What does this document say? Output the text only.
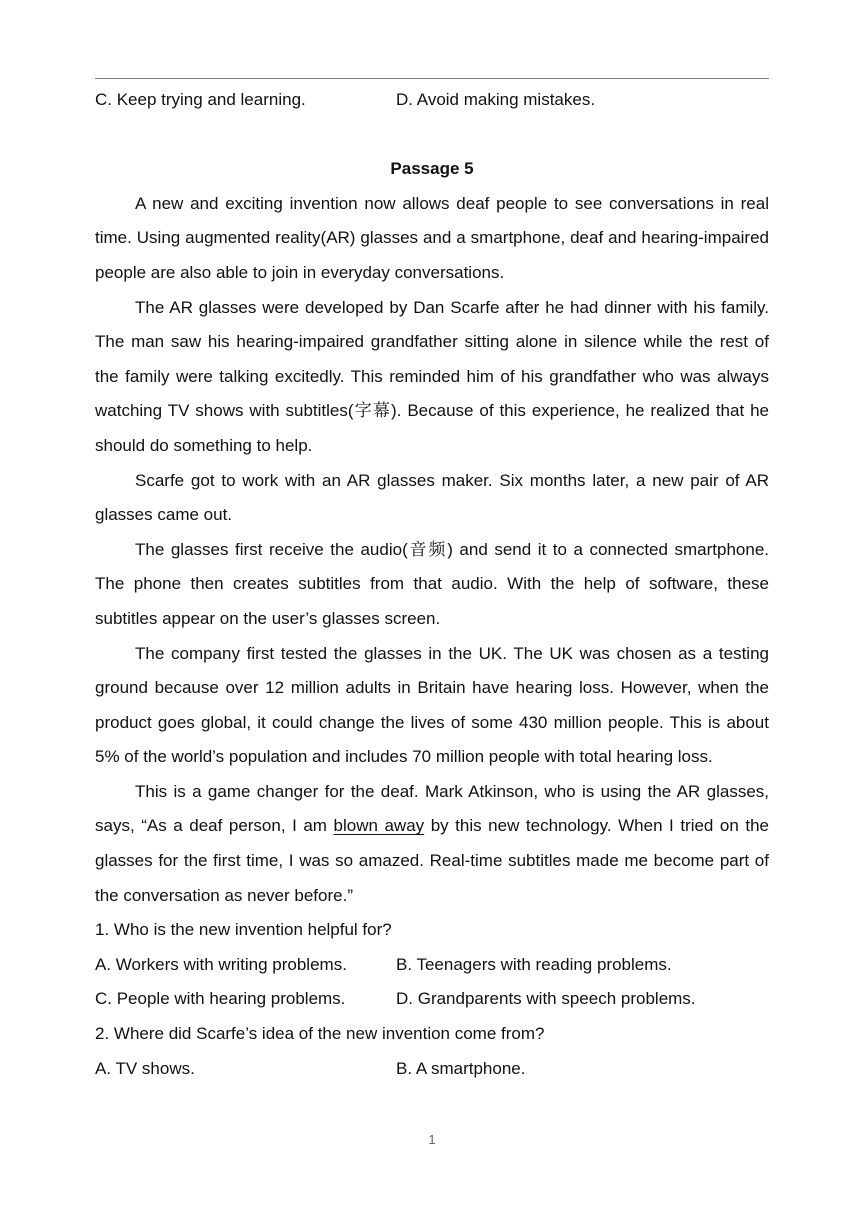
C. Keep trying and learning.	D. Avoid making mistakes.
Passage 5

A new and exciting invention now allows deaf people to see conversations in real time. Using augmented reality(AR) glasses and a smartphone, deaf and hearing-impaired people are also able to join in everyday conversations.

The AR glasses were developed by Dan Scarfe after he had dinner with his family. The man saw his hearing-impaired grandfather sitting alone in silence while the rest of the family were talking excitedly. This reminded him of his grandfather who was always watching TV shows with subtitles(字幕). Because of this experience, he realized that he should do something to help.

Scarfe got to work with an AR glasses maker. Six months later, a new pair of AR glasses came out.

The glasses first receive the audio(音频) and send it to a connected smartphone. The phone then creates subtitles from that audio. With the help of software, these subtitles appear on the user’s glasses screen.

The company first tested the glasses in the UK. The UK was chosen as a testing ground because over 12 million adults in Britain have hearing loss. However, when the product goes global, it could change the lives of some 430 million people. This is about 5% of the world’s population and includes 70 million people with total hearing loss.

This is a game changer for the deaf. Mark Atkinson, who is using the AR glasses, says, “As a deaf person, I am blown away by this new technology. When I tried on the glasses for the first time, I was so amazed. Real-time subtitles made me become part of the conversation as never before.”

1. Who is the new invention helpful for?
A. Workers with writing problems.	B. Teenagers with reading problems.
C. People with hearing problems.	D. Grandparents with speech problems.
2. Where did Scarfe’s idea of the new invention come from?
A. TV shows.	B. A smartphone.
1
